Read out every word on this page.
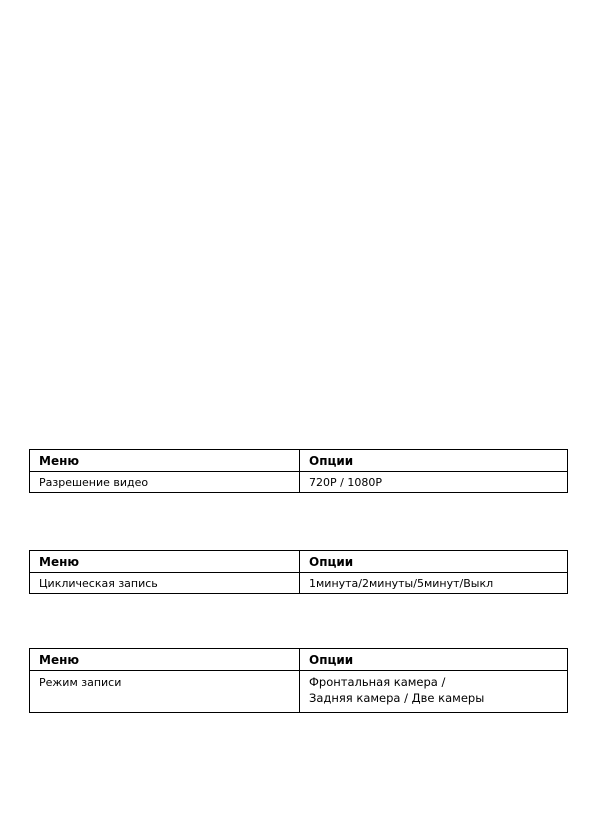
Меню	Опции
Разрешение видео	720P / 1080P
Меню	Опции
Циклическая запись	1минута/2минуты/5минут/Выкл
Меню	Опции
Режим записи	Фронтальная камера /
Задняя камера / Две камеры
